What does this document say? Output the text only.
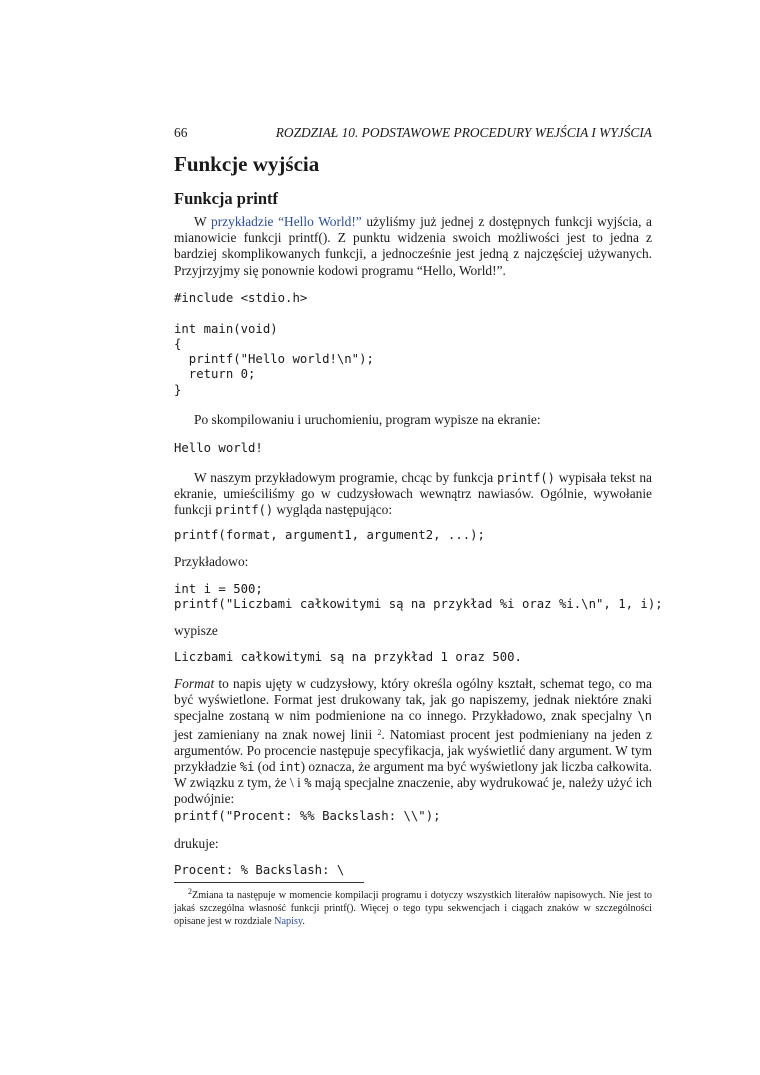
66	ROZDZIAŁ 10. PODSTAWOWE PROCEDURY WEJŚCIA I WYJŚCIA
Funkcje wyjścia
Funkcja printf

W przykładzie “Hello World!” użyliśmy już jednej z dostępnych funkcji wyjścia, a mianowicie funkcji printf(). Z punktu widzenia swoich możliwości jest to jedna z bardziej skomplikowanych funkcji, a jednocześnie jest jedną z najczęściej używanych. Przyjrzyjmy się ponownie kodowi programu “Hello, World!”.

#include <stdio.h>

int main(void)
{
printf("Hello world!\n");
return 0;
}

Po skompilowaniu i uruchomieniu, program wypisze na ekranie:

Hello world!

W naszym przykładowym programie, chcąc by funkcja printf() wypisała tekst na ekranie, umieściliśmy go w cudzysłowach wewnątrz nawiasów. Ogólnie, wywołanie funkcji printf() wygląda następująco:

printf(format, argument1, argument2, ...);

Przykładowo:

int i = 500;
printf("Liczbami całkowitymi są na przykład %i oraz %i.\n", 1, i);

wypisze

Liczbami całkowitymi są na przykład 1 oraz 500.

Format to napis ujęty w cudzysłowy, który określa ogólny kształt, schemat tego, co ma być wyświetlone. Format jest drukowany tak, jak go napiszemy, jednak niektóre znaki specjalne zostaną w nim podmienione na co innego. Przykładowo, znak specjalny \n jest zamieniany na znak nowej linii $^2$. Natomiast procent jest podmieniany na jeden z argumentów. Po procencie następuje specyfikacja, jak wyświetlić dany argument. W tym przykładzie %i (od int) oznacza, że argument ma być wyświetlony jak liczba całkowita. W związku z tym, że \ i % mają specjalne znaczenie, aby wydrukować je, należy użyć ich podwójnie:

printf("Procent: %% Backslash: \\");

drukuje:

Procent: % Backslash: \

$^2$Zmiana ta następuje w momencie kompilacji programu i dotyczy wszystkich literałów napisowych. Nie jest to jakaś szczególna własność funkcji printf(). Więcej o tego typu sekwencjach i ciągach znaków w szczególności opisane jest w rozdziale Napisy.
